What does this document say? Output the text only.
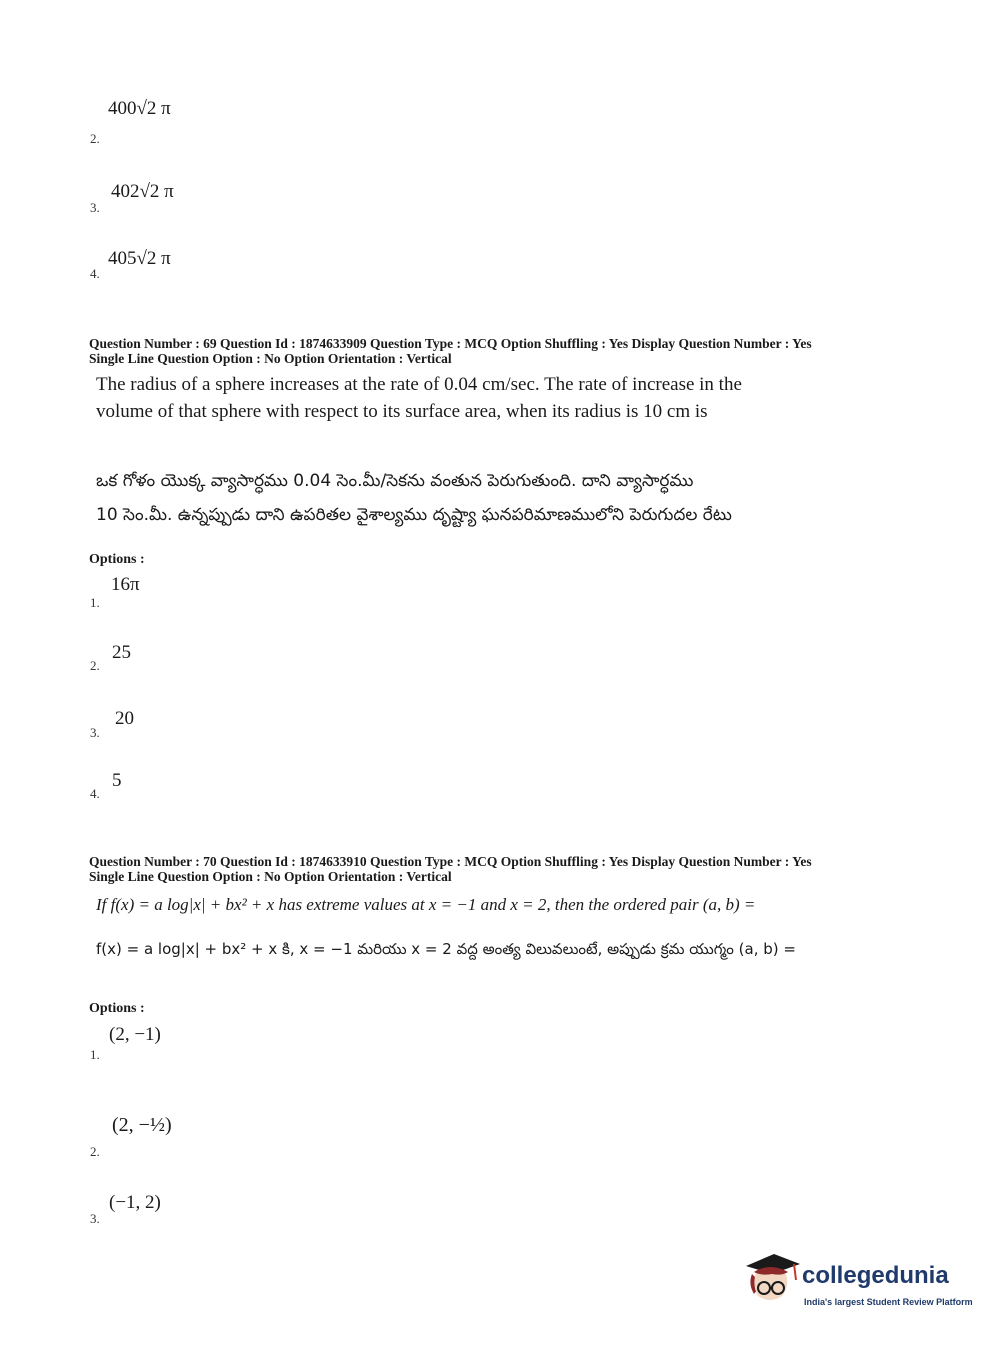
400√2 π
2.
402√2 π
3.
405√2 π
4.
Question Number : 69 Question Id : 1874633909 Question Type : MCQ Option Shuffling : Yes Display Question Number : Yes
Single Line Question Option : No Option Orientation : Vertical
The radius of a sphere increases at the rate of 0.04 cm/sec. The rate of increase in the
volume of that sphere with respect to its surface area, when its radius is 10 cm is
ఒక గోళం యొక్క వ్యాసార్ధము 0.04 సెం.మీ/సెకను వంతున పెరుగుతుంది. దాని వ్యాసార్ధము
10 సెం.మీ. ఉన్నప్పుడు దాని ఉపరితల వైశాల్యము దృష్ట్యా ఘనపరిమాణములోని పెరుగుదల రేటు
Options :
16π
1.
25
2.
20
3.
5
4.
Question Number : 70 Question Id : 1874633910 Question Type : MCQ Option Shuffling : Yes Display Question Number : Yes
Single Line Question Option : No Option Orientation : Vertical
If f(x) = a log|x| + bx² + x has extreme values at x = −1 and x = 2, then the ordered pair (a, b) =
f(x) = a log|x| + bx² + x కి, x = −1 మరియు x = 2 వద్ద అంత్య విలువలుంటే, అప్పుడు క్రమ యుగ్మం (a, b) =
Options :
(2, −1)
1.
(2, −½)
2.
(−1, 2)
3.
collegedunia
India's largest Student Review Platform
